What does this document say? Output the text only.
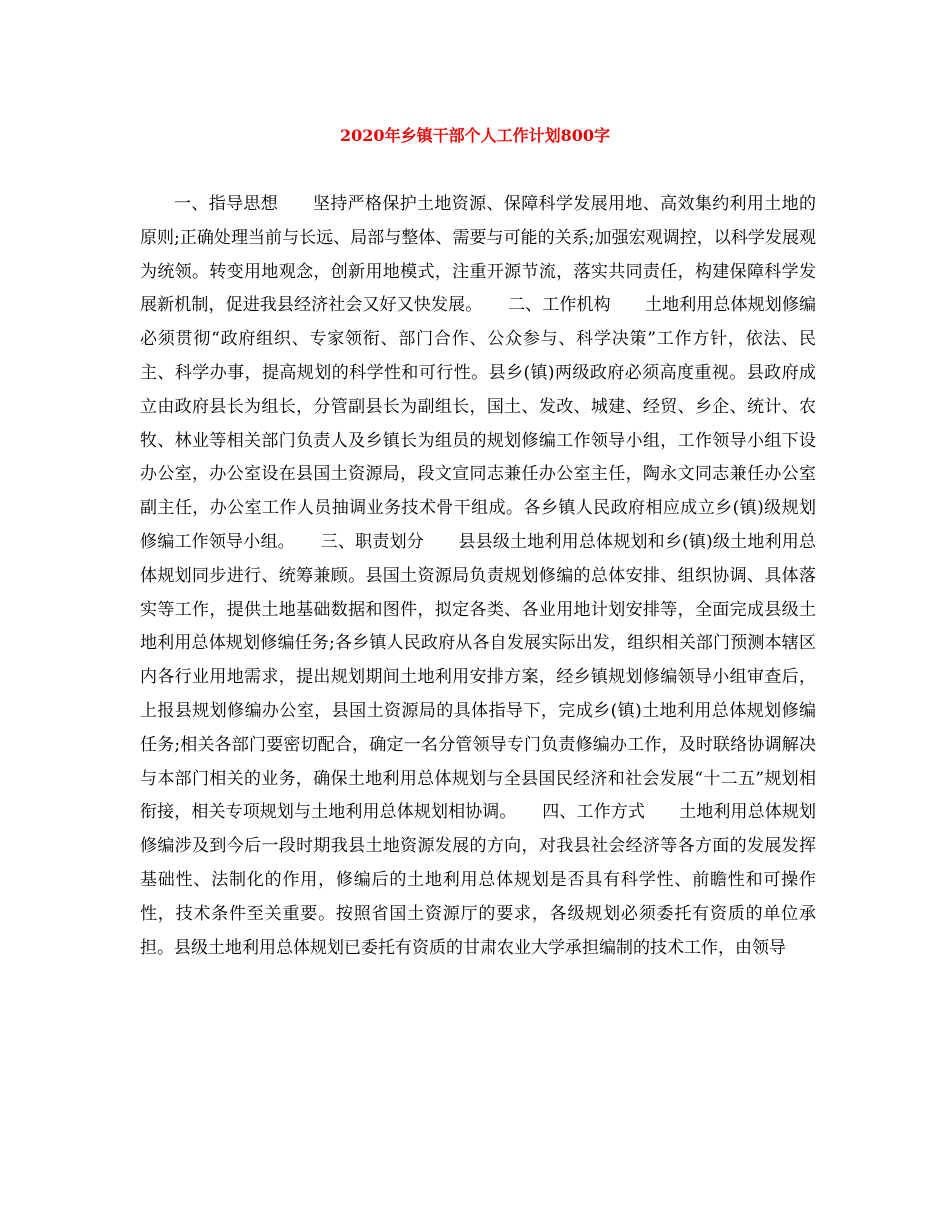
2020年乡镇干部个人工作计划800字

一、指导思想　　坚持严格保护土地资源、保障科学发展用地、高效集约利用土地的原则;正确处理当前与长远、局部与整体、需要与可能的关系;加强宏观调控，以科学发展观为统领。转变用地观念，创新用地模式，注重开源节流，落实共同责任，构建保障科学发展新机制，促进我县经济社会又好又快发展。　　二、工作机构　　土地利用总体规划修编必须贯彻“政府组织、专家领衔、部门合作、公众参与、科学决策”工作方针，依法、民主、科学办事，提高规划的科学性和可行性。县乡(镇)两级政府必须高度重视。县政府成立由政府县长为组长，分管副县长为副组长，国土、发改、城建、经贸、乡企、统计、农牧、林业等相关部门负责人及乡镇长为组员的规划修编工作领导小组，工作领导小组下设办公室，办公室设在县国土资源局，段文宣同志兼任办公室主任，陶永文同志兼任办公室副主任，办公室工作人员抽调业务技术骨干组成。各乡镇人民政府相应成立乡(镇)级规划修编工作领导小组。　　三、职责划分　　县县级土地利用总体规划和乡(镇)级土地利用总体规划同步进行、统筹兼顾。县国土资源局负责规划修编的总体安排、组织协调、具体落实等工作，提供土地基础数据和图件，拟定各类、各业用地计划安排等，全面完成县级土地利用总体规划修编任务;各乡镇人民政府从各自发展实际出发，组织相关部门预测本辖区内各行业用地需求，提出规划期间土地利用安排方案，经乡镇规划修编领导小组审查后，上报县规划修编办公室，县国土资源局的具体指导下，完成乡(镇)土地利用总体规划修编任务;相关各部门要密切配合，确定一名分管领导专门负责修编办工作，及时联络协调解决与本部门相关的业务，确保土地利用总体规划与全县国民经济和社会发展“十二五”规划相衔接，相关专项规划与土地利用总体规划相协调。　　四、工作方式　　土地利用总体规划修编涉及到今后一段时期我县土地资源发展的方向，对我县社会经济等各方面的发展发挥基础性、法制化的作用，修编后的土地利用总体规划是否具有科学性、前瞻性和可操作性，技术条件至关重要。按照省国土资源厅的要求，各级规划必须委托有资质的单位承担。县级土地利用总体规划已委托有资质的甘肃农业大学承担编制的技术工作，由领导
